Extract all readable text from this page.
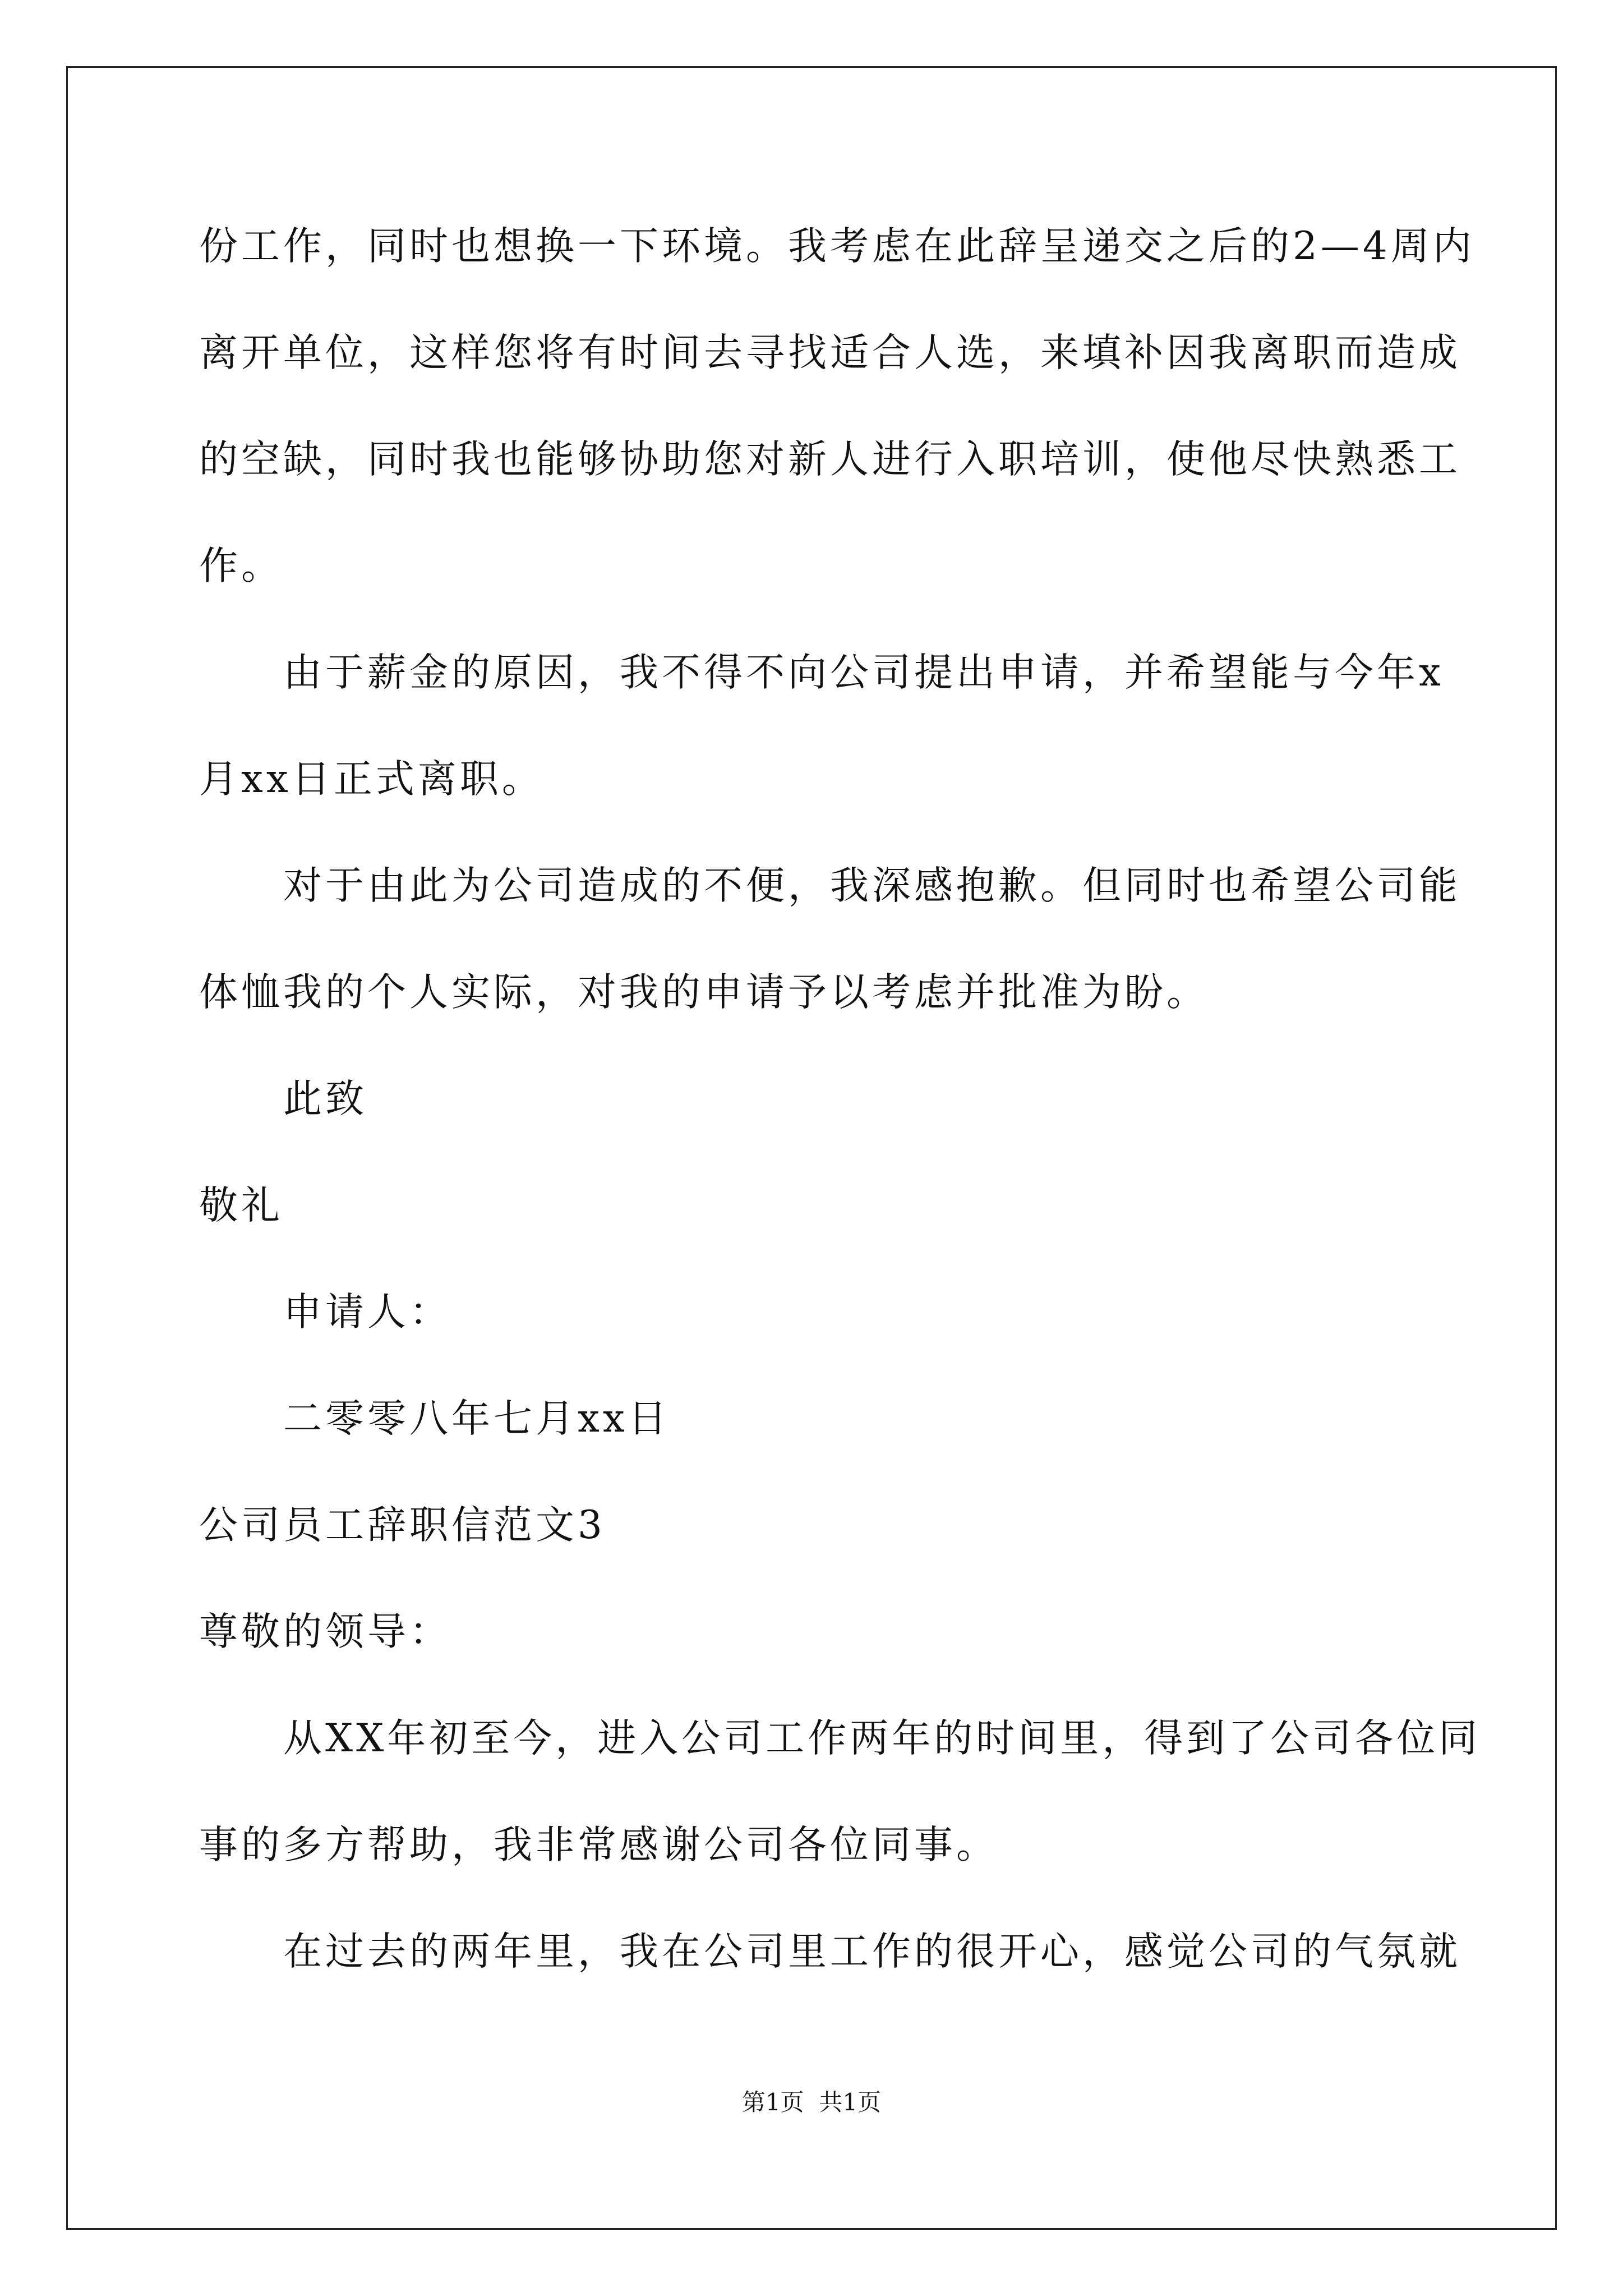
份工作，同时也想换一下环境。我考虑在此辞呈递交之后的2—4周内
离开单位，这样您将有时间去寻找适合人选，来填补因我离职而造成
的空缺，同时我也能够协助您对新人进行入职培训，使他尽快熟悉工
作。
由于薪金的原因，我不得不向公司提出申请，并希望能与今年x
月xx日正式离职。
对于由此为公司造成的不便，我深感抱歉。但同时也希望公司能
体恤我的个人实际，对我的申请予以考虑并批准为盼。
此致
敬礼
申请人：
二零零八年七月xx日
公司员工辞职信范文3
尊敬的领导：
从XX年初至今，进入公司工作两年的时间里，得到了公司各位同
事的多方帮助，我非常感谢公司各位同事。
在过去的两年里，我在公司里工作的很开心，感觉公司的气氛就
第1页  共1页
